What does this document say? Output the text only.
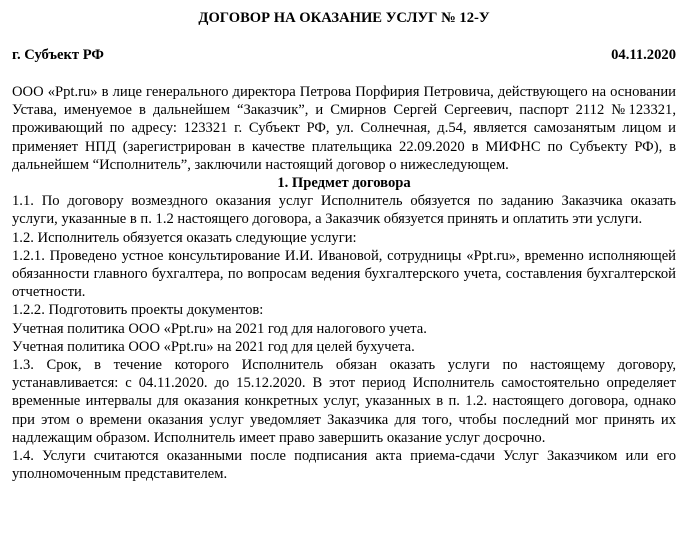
ДОГОВОР НА ОКАЗАНИЕ УСЛУГ № 12-У
г. Субъект РФ	04.11.2020

ООО «Ppt.ru» в лице генерального директора Петрова Порфирия Петровича, действующего на основании Устава, именуемое в дальнейшем “Заказчик”, и Смирнов Сергей Сергеевич, паспорт 2112 №123321, проживающий по адресу: 123321 г. Субъект РФ, ул. Солнечная, д.54, является самозанятым лицом и применяет НПД (зарегистрирован в качестве плательщика 22.09.2020 в МИФНС по Субъекту РФ), в дальнейшем “Исполнитель”, заключили настоящий договор о нижеследующем.

1. Предмет договора

1.1. По договору возмездного оказания услуг Исполнитель обязуется по заданию Заказчика оказать услуги, указанные в п. 1.2 настоящего договора, а Заказчик обязуется принять и оплатить эти услуги.

1.2. Исполнитель обязуется оказать следующие услуги:

1.2.1. Проведено устное консультирование И.И. Ивановой, сотрудницы «Ppt.ru», временно исполняющей обязанности главного бухгалтера, по вопросам ведения бухгалтерского учета, составления бухгалтерской отчетности.

1.2.2. Подготовить проекты документов:

Учетная политика ООО «Ppt.ru» на 2021 год для налогового учета.

Учетная политика ООО «Ppt.ru» на 2021 год для целей бухучета.

1.3. Срок, в течение которого Исполнитель обязан оказать услуги по настоящему договору, устанавливается: с 04.11.2020. до 15.12.2020. В этот период Исполнитель самостоятельно определяет временные интервалы для оказания конкретных услуг, указанных в п. 1.2. настоящего договора, однако при этом о времени оказания услуг уведомляет Заказчика для того, чтобы последний мог принять их надлежащим образом. Исполнитель имеет право завершить оказание услуг досрочно.

1.4. Услуги считаются оказанными после подписания акта приема-сдачи Услуг Заказчиком или его уполномоченным представителем.
